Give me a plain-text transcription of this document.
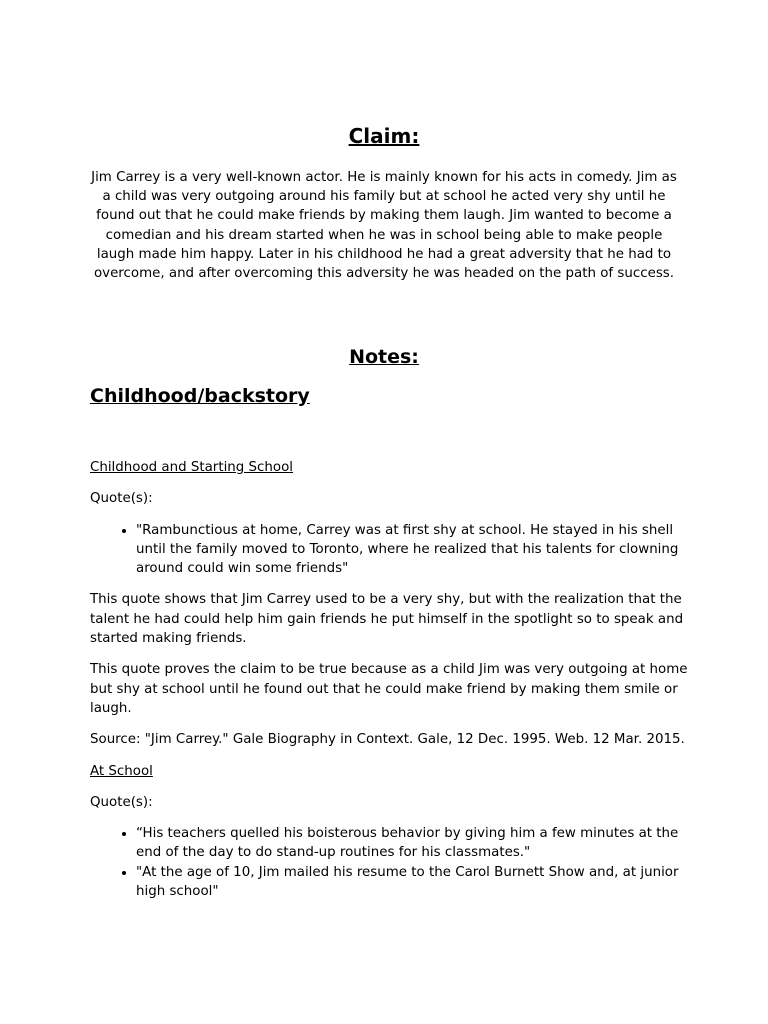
Claim:

Jim Carrey is a very well-known actor. He is mainly known for his acts in comedy. Jim as a child was very outgoing around his family but at school he acted very shy until he found out that he could make friends by making them laugh. Jim wanted to become a comedian and his dream started when he was in school being able to make people laugh made him happy. Later in his childhood he had a great adversity that he had to overcome, and after overcoming this adversity he was headed on the path of success.

Notes:
Childhood/backstory

Childhood and Starting School

Quote(s):

• "Rambunctious at home, Carrey was at first shy at school. He stayed in his shell until the family moved to Toronto, where he realized that his talents for clowning around could win some friends"

This quote shows that Jim Carrey used to be a very shy, but with the realization that the talent he had could help him gain friends he put himself in the spotlight so to speak and started making friends.

This quote proves the claim to be true because as a child Jim was very outgoing at home but shy at school until he found out that he could make friend by making them smile or laugh.

Source: "Jim Carrey." Gale Biography in Context. Gale, 12 Dec. 1995. Web. 12 Mar. 2015.

At School

Quote(s):

• “His teachers quelled his boisterous behavior by giving him a few minutes at the end of the day to do stand-up routines for his classmates."
• "At the age of 10, Jim mailed his resume to the Carol Burnett Show and, at junior high school"
